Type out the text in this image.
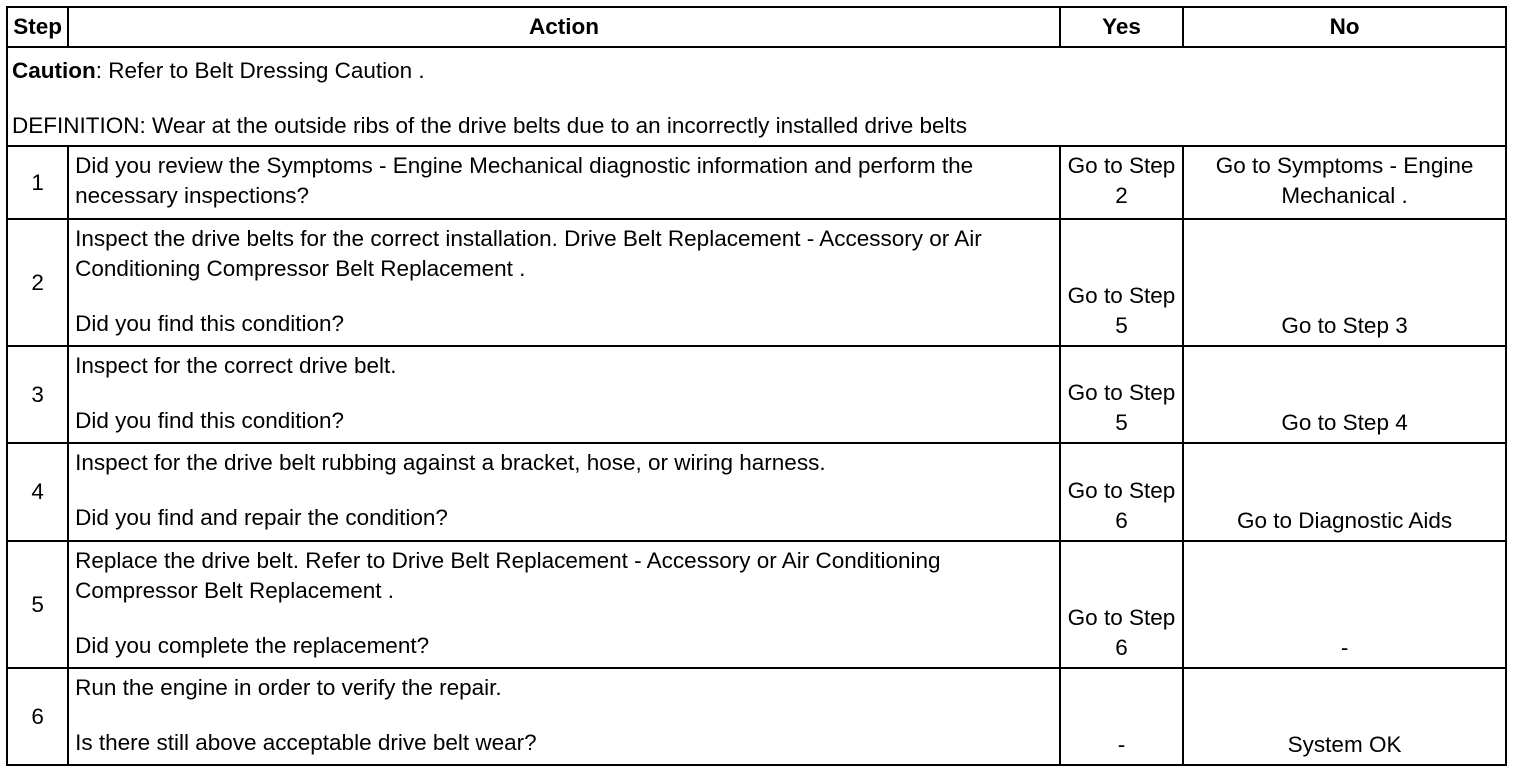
Step	Action	Yes	No

Caution: Refer to Belt Dressing Caution .

DEFINITION: Wear at the outside ribs of the drive belts due to an incorrectly installed drive belts			

1	Did you review the Symptoms - Engine Mechanical diagnostic information and perform the necessary inspections?	Go to Step 2	Go to Symptoms - Engine Mechanical .
2	Inspect the drive belts for the correct installation. Drive Belt Replacement - Accessory or Air Conditioning Compressor Belt Replacement .
Did you find this condition?	Go to Step 5	Go to Step 3
3	Inspect for the correct drive belt.
Did you find this condition?	Go to Step 5	Go to Step 4
4	Inspect for the drive belt rubbing against a bracket, hose, or wiring harness.
Did you find and repair the condition?	Go to Step 6	Go to Diagnostic Aids
5	Replace the drive belt. Refer to Drive Belt Replacement - Accessory or Air Conditioning Compressor Belt Replacement .
Did you complete the replacement?	Go to Step 6	-
6	Run the engine in order to verify the repair.
Is there still above acceptable drive belt wear?	-	System OK
